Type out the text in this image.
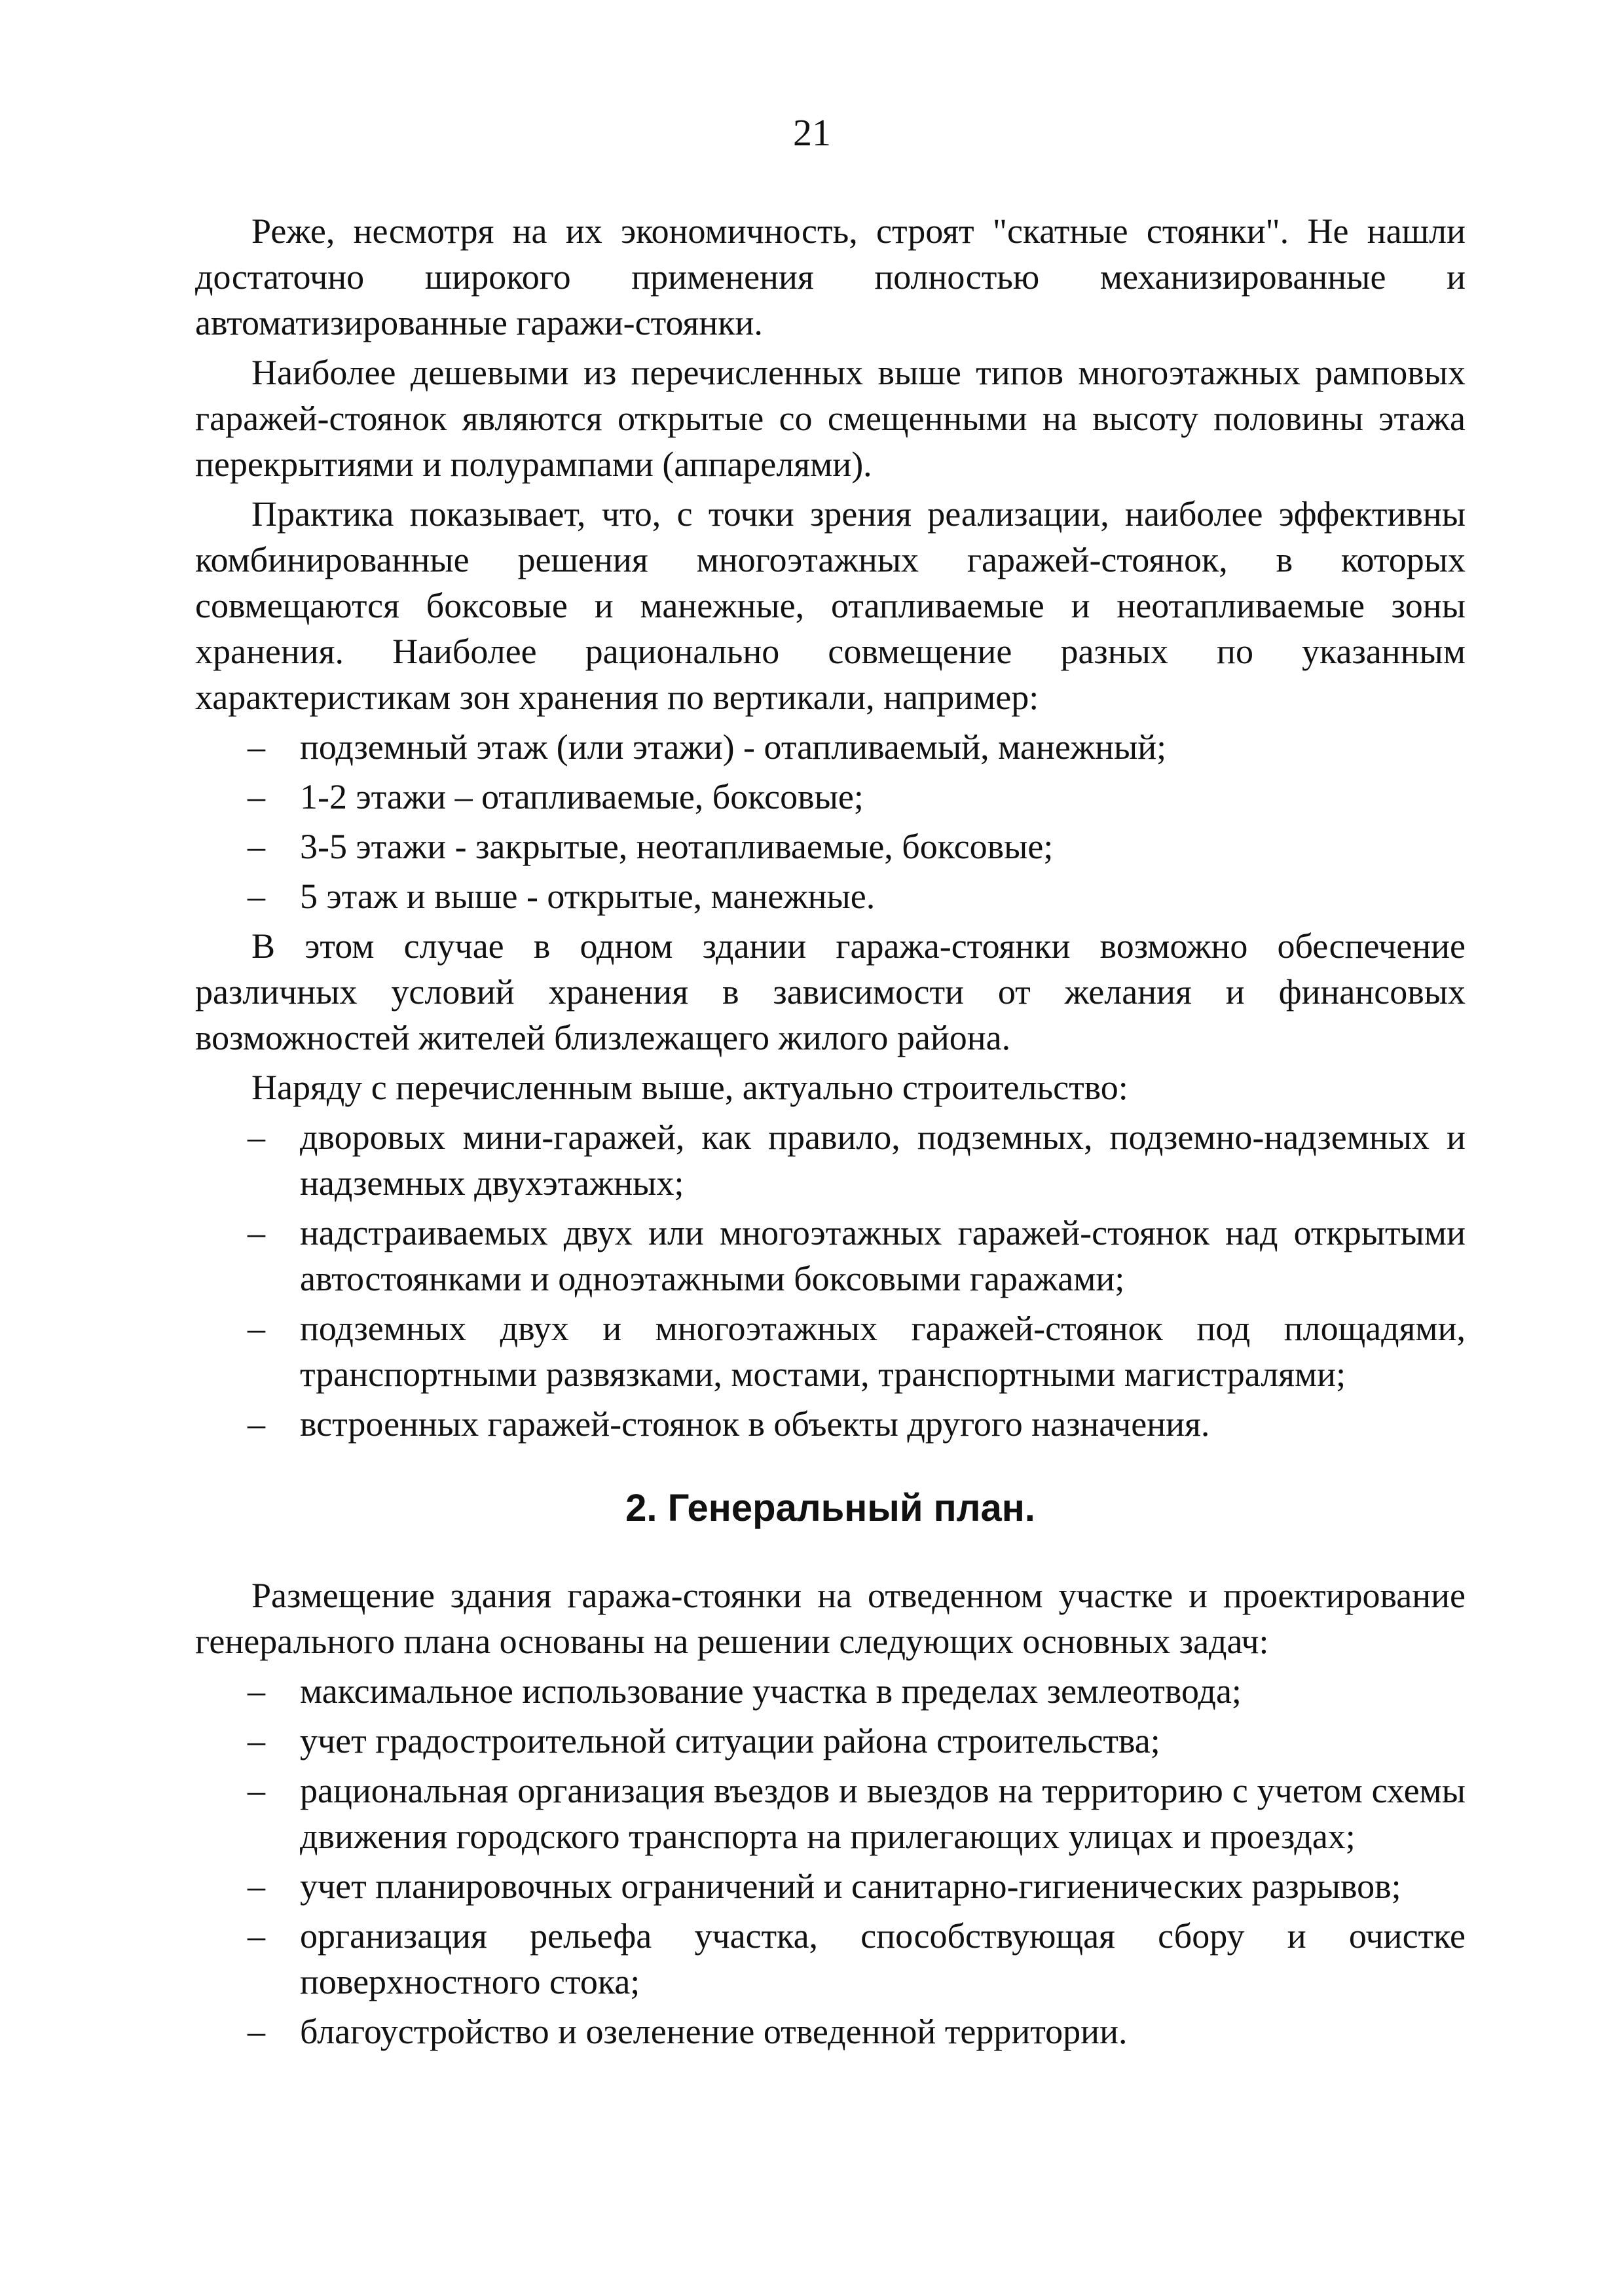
21

Реже, несмотря на их экономичность, строят "скатные стоянки". Не нашли достаточно широкого применения полностью механизированные и автоматизированные гаражи-стоянки.

Наиболее дешевыми из перечисленных выше типов многоэтажных рамповых гаражей-стоянок являются открытые со смещенными на высоту половины этажа перекрытиями и полурампами (аппарелями).

Практика показывает, что, с точки зрения реализации, наиболее эффективны комбинированные решения многоэтажных гаражей-стоянок, в которых совмещаются боксовые и манежные, отапливаемые и неотапливаемые зоны хранения. Наиболее рационально совмещение разных по указанным характеристикам зон хранения по вертикали, например:

– подземный этаж (или этажи) - отапливаемый, манежный;
– 1-2 этажи – отапливаемые, боксовые;
– 3-5 этажи - закрытые, неотапливаемые, боксовые;
– 5 этаж и выше - открытые, манежные.

В этом случае в одном здании гаража-стоянки возможно обеспечение различных условий хранения в зависимости от желания и финансовых возможностей жителей близлежащего жилого района.

Наряду с перечисленным выше, актуально строительство:

– дворовых мини-гаражей, как правило, подземных, подземно-надземных и надземных двухэтажных;
– надстраиваемых двух или многоэтажных гаражей-стоянок над открытыми автостоянками и одноэтажными боксовыми гаражами;
– подземных двух и многоэтажных гаражей-стоянок под площадями, транспортными развязками, мостами, транспортными магистралями;
– встроенных гаражей-стоянок в объекты другого назначения.
2. Генеральный план.

Размещение здания гаража-стоянки на отведенном участке и проектирование генерального плана основаны на решении следующих основных задач:

– максимальное использование участка в пределах землеотвода;
– учет градостроительной ситуации района строительства;
– рациональная организация въездов и выездов на территорию с учетом схемы движения городского транспорта на прилегающих улицах и проездах;
– учет планировочных ограничений и санитарно-гигиенических разрывов;
– организация рельефа участка, способствующая сбору и очистке поверхностного стока;
– благоустройство и озеленение отведенной территории.
